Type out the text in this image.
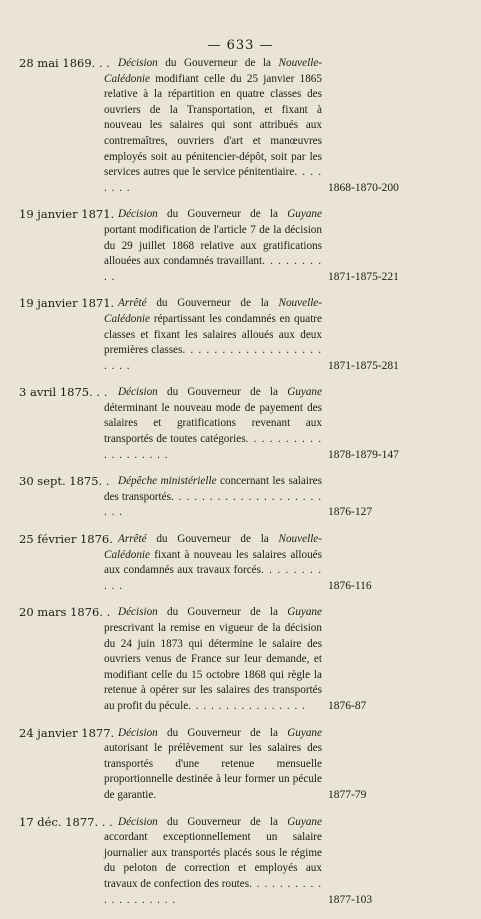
— 633 —
28 mai 1869. . . Décision du Gouverneur de la Nouvelle-Calédonie modifiant celle du 25 janvier 1865 relative à la répartition en quatre classes des ouvriers de la Transportation, et fixant à nouveau les salaires qui sont attribués aux contremaîtres, ouvriers d'art et manœuvres employés soit au pénitencier-dépôt, soit par les services autres que le service pénitentiaire. . . . . . . .	1868-1870-200
19 janvier 1871. Décision du Gouverneur de la Guyane portant modification de l'article 7 de la décision du 29 juillet 1868 relative aux gratifications allouées aux condamnés travaillant. . . . . . . . . .	1871-1875-221
19 janvier 1871. Arrêté du Gouverneur de la Nouvelle-Calédonie répartissant les condamnés en quatre classes et fixant les salaires alloués aux deux premières classes. . . . . . . . . . . . . . . . . . . . . .	1871-1875-281
3 avril 1875. . . Décision du Gouverneur de la Guyane déterminant le nouveau mode de payement des salaires et gratifications revenant aux transportés de toutes catégories. . . . . . . . . . . . . . . . . . .	1878-1879-147
30 sept. 1875. . Dépêche ministérielle concernant les salaires des transportés. . . . . . . . . . . . . . . . . . . . . . .	1876-127
25 février 1876. Arrêté du Gouverneur de la Nouvelle-Calédonie fixant à nouveau les salaires alloués aux condamnés aux travaux forcés. . . . . . . . . . .	1876-116
20 mars 1876. . Décision du Gouverneur de la Guyane prescrivant la remise en vigueur de la décision du 24 juin 1873 qui détermine le salaire des ouvriers venus de France sur leur demande, et modifiant celle du 15 octobre 1868 qui règle la retenue à opérer sur les salaires des transportés au profit du pécule. . . . . . . . . . . . . . . .	1876-87
24 janvier 1877. Décision du Gouverneur de la Guyane autorisant le prélèvement sur les salaires des transportés d'une retenue mensuelle proportionnelle destinée à leur former un pécule de garantie.	1877-79
17 déc. 1877. . . Décision du Gouverneur de la Guyane accordant exceptionnellement un salaire journalier aux transportés placés sous le régime du peloton de correction et employés aux travaux de confection des routes. . . . . . . . . . . . . . . . . . . .	1877-103
